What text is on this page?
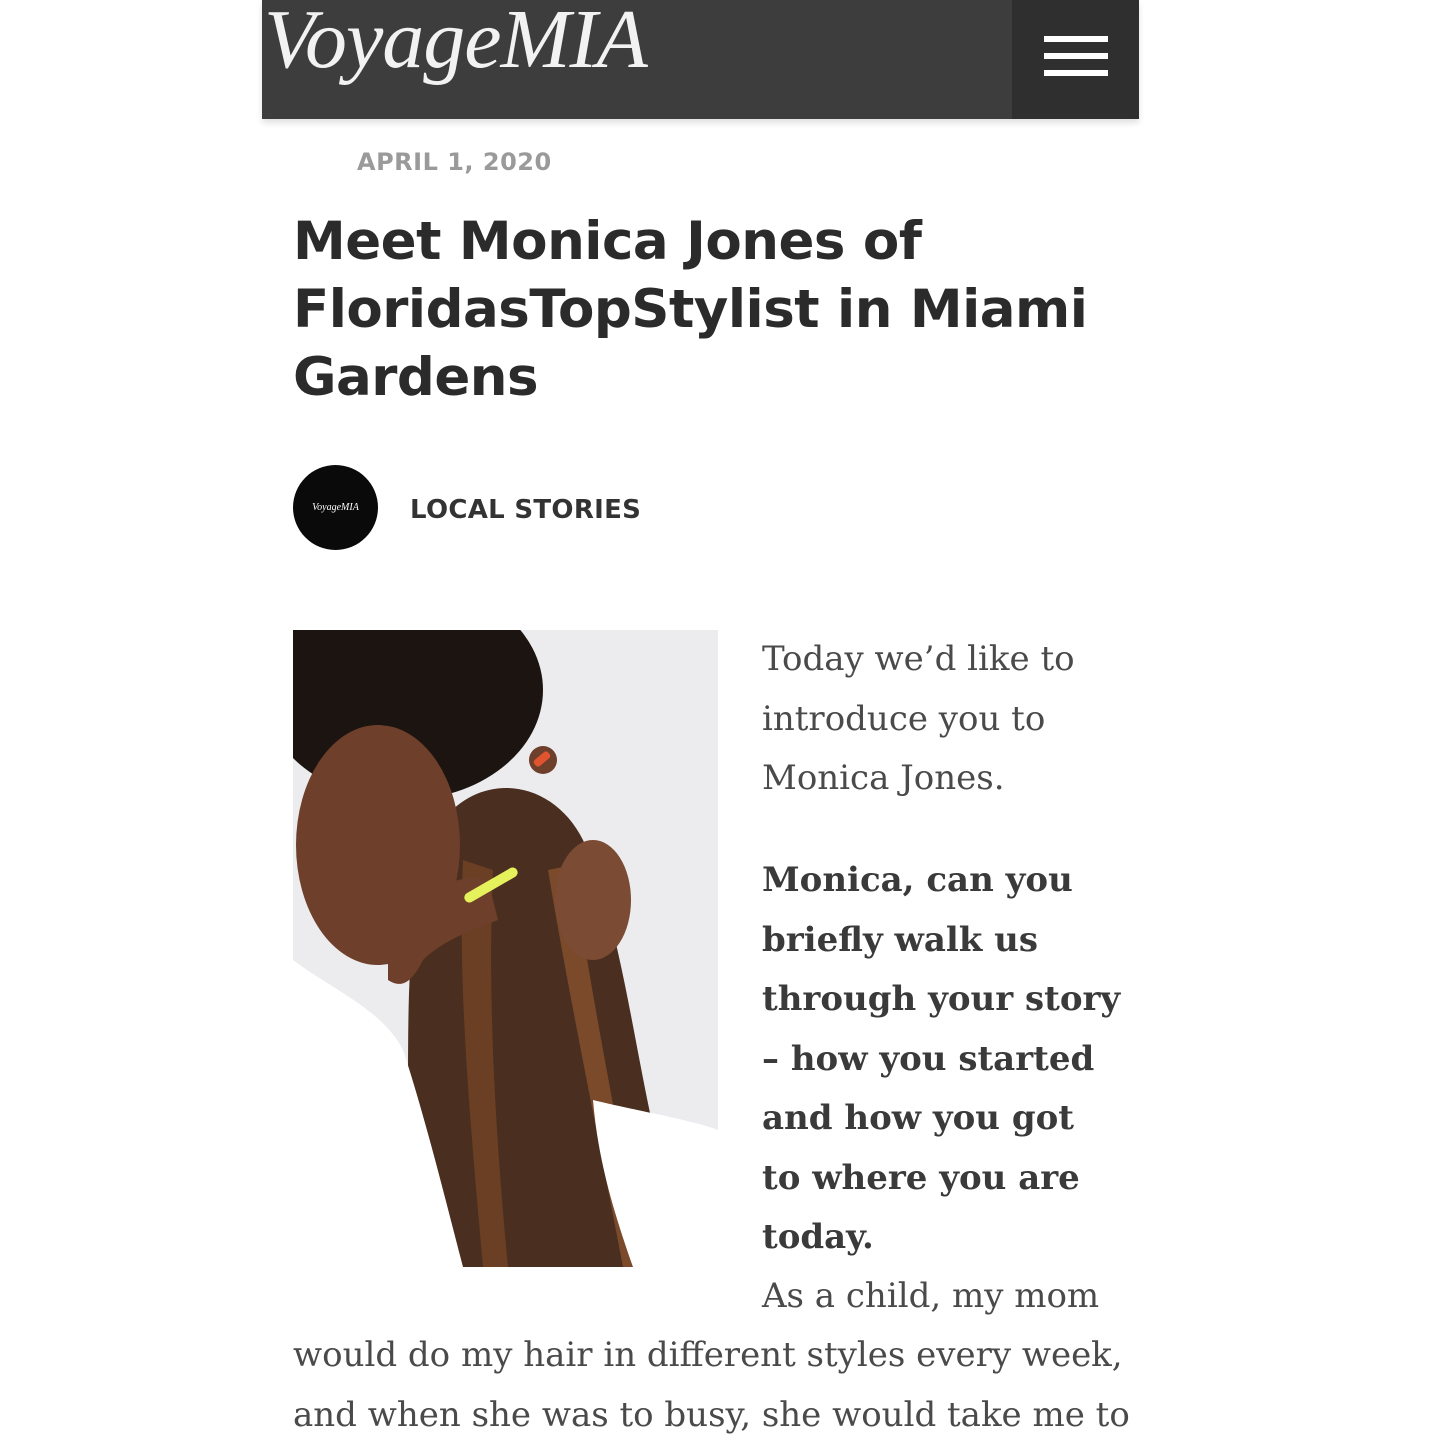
VoyageMIA
APRIL 1, 2020
Meet Monica Jones of FloridasTopStylist in Miami Gardens
VoyageMIA LOCAL STORIES

Today we’d like to introduce you to Monica Jones.

Monica, can you briefly walk us through your story – how you started and how you got to where you are today.

As a child, my mom

would do my hair in different styles every week,

and when she was to busy, she would take me to
